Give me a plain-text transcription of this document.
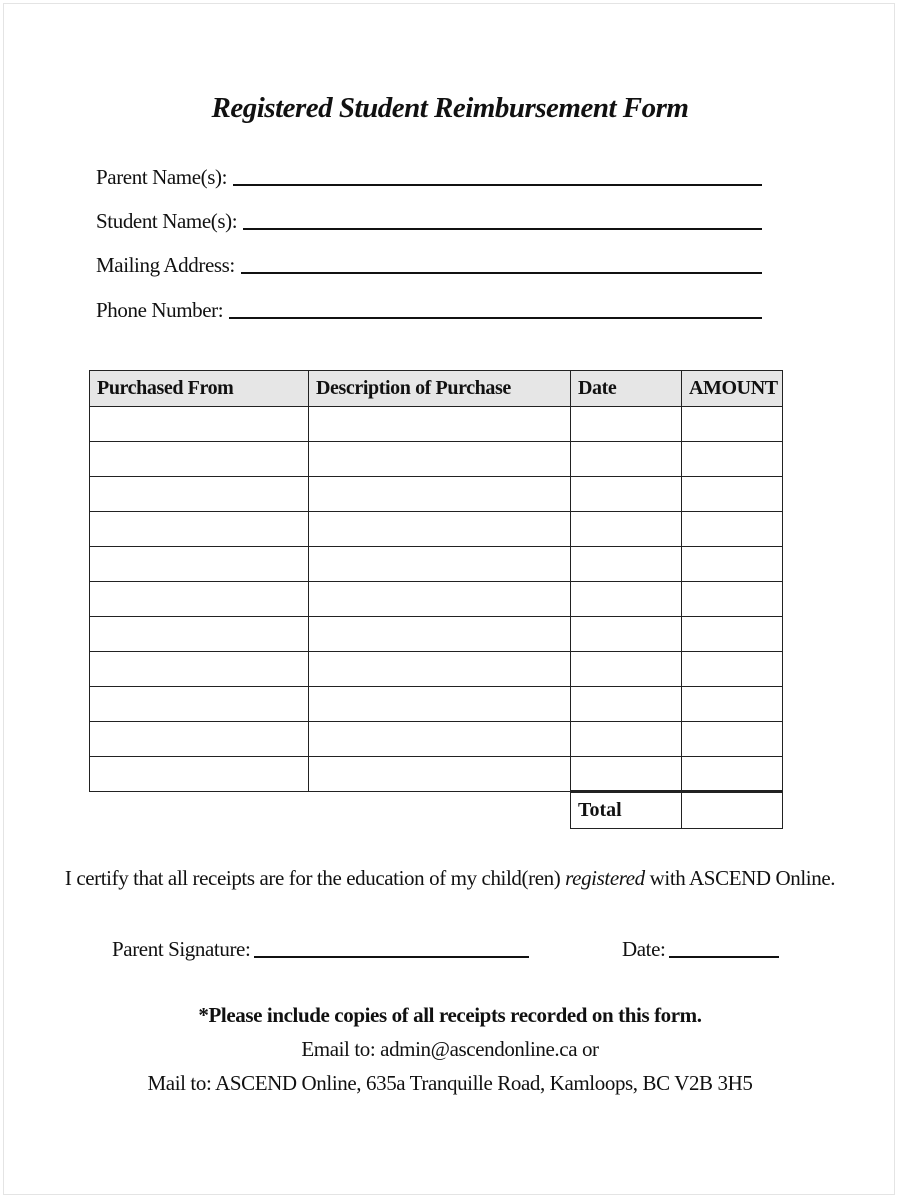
Registered Student Reimbursement Form
Parent Name(s):
Student Name(s):
Mailing Address:
Phone Number:
Purchased From	Description of Purchase	Date	AMOUNT

		Total	
I certify that all receipts are for the education of my child(ren) registered with ASCEND Online.
Parent Signature:	Date:
*Please include copies of all receipts recorded on this form.
Email to: admin@ascendonline.ca or
Mail to: ASCEND Online, 635a Tranquille Road, Kamloops, BC V2B 3H5
